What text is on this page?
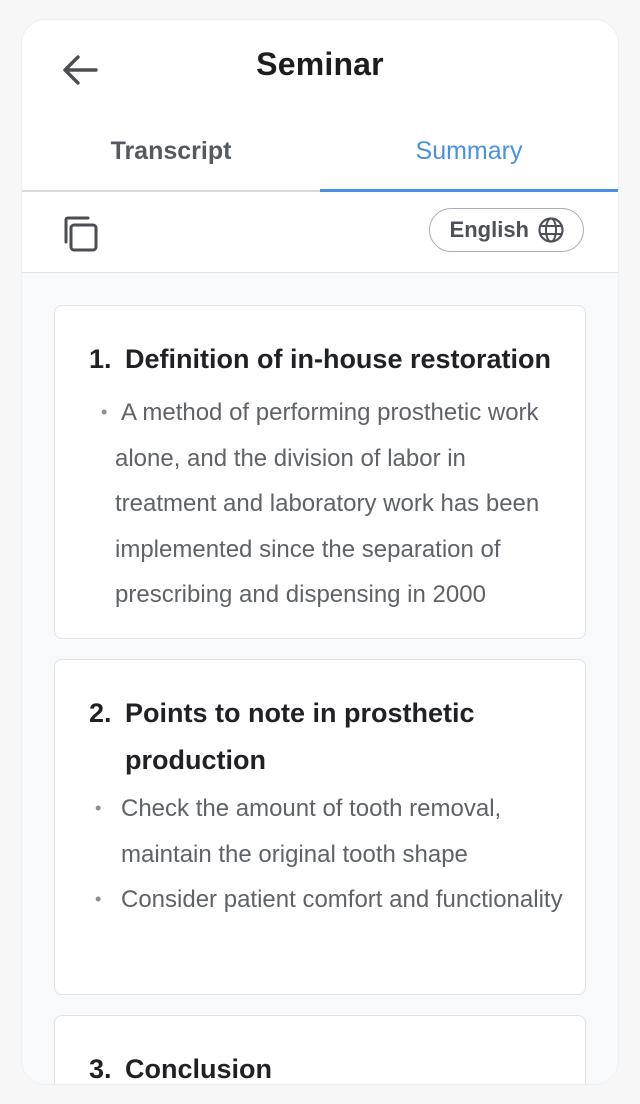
Seminar
Transcript	Summary
English
1. Definition of in-house restoration
• A method of performing prosthetic work alone, and the division of labor in treatment and laboratory work has been implemented since the separation of prescribing and dispensing in 2000
2. Points to note in prosthetic production
• Check the amount of tooth removal, maintain the original tooth shape
• Consider patient comfort and functionality
3. Conclusion
